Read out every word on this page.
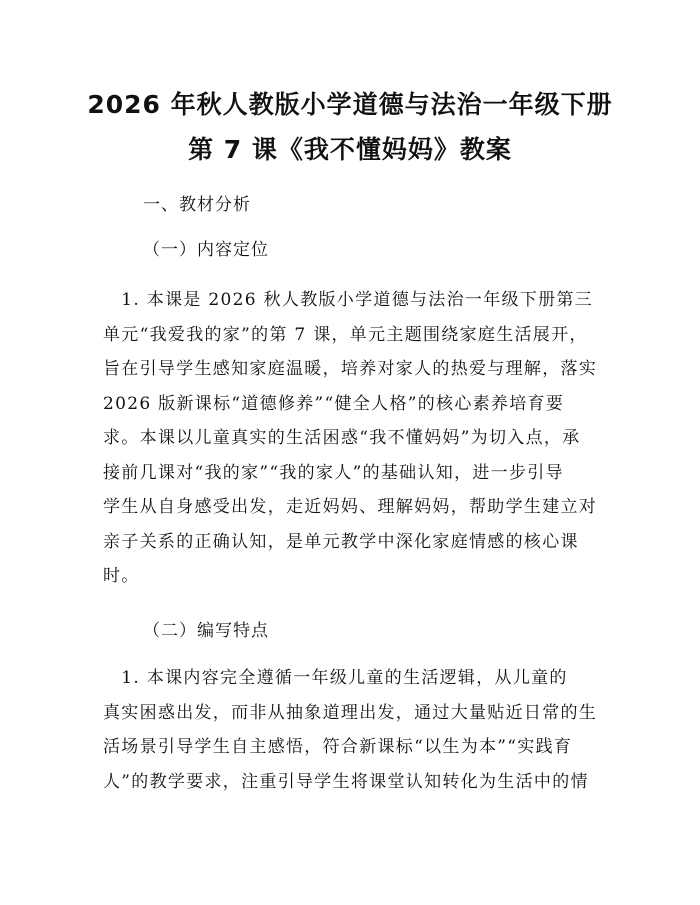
2026 年秋人教版小学道德与法治一年级下册
第 7 课《我不懂妈妈》教案
一、教材分析
（一）内容定位

　1. 本课是 2026 秋人教版小学道德与法治一年级下册第三
单元“我爱我的家”的第 7 课，单元主题围绕家庭生活展开，
旨在引导学生感知家庭温暖，培养对家人的热爱与理解，落实
2026 版新课标“道德修养”“健全人格”的核心素养培育要
求。本课以儿童真实的生活困惑“我不懂妈妈”为切入点，承
接前几课对“我的家”“我的家人”的基础认知，进一步引导
学生从自身感受出发，走近妈妈、理解妈妈，帮助学生建立对
亲子关系的正确认知，是单元教学中深化家庭情感的核心课
时。

（二）编写特点

　1. 本课内容完全遵循一年级儿童的生活逻辑，从儿童的
真实困惑出发，而非从抽象道理出发，通过大量贴近日常的生
活场景引导学生自主感悟，符合新课标“以生为本”“实践育
人”的教学要求，注重引导学生将课堂认知转化为生活中的情
